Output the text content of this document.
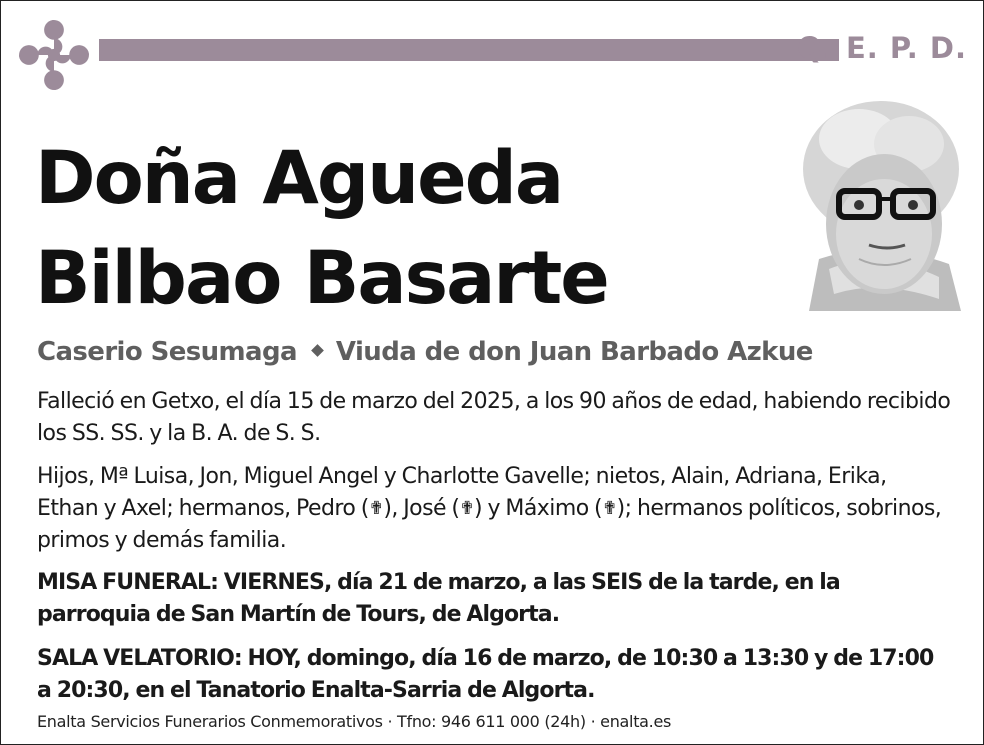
Q. E. P. D.
Doña Agueda
Bilbao Basarte
Caserio Sesumaga Viuda de don Juan Barbado Azkue
Falleció en Getxo, el día 15 de marzo del 2025, a los 90 años de edad, habiendo recibido los SS. SS. y la B. A. de S. S.
Hijos, Mª Luisa, Jon, Miguel Angel y Charlotte Gavelle; nietos, Alain, Adriana, Erika, Ethan y Axel; hermanos, Pedro (✟), José (✟) y Máximo (✟); hermanos políticos, sobrinos, primos y demás familia.
MISA FUNERAL: VIERNES, día 21 de marzo, a las SEIS de la tarde, en la parroquia de San Martín de Tours, de Algorta.
SALA VELATORIO: HOY, domingo, día 16 de marzo, de 10:30 a 13:30 y de 17:00 a 20:30, en el Tanatorio Enalta-Sarria de Algorta.
Enalta Servicios Funerarios Conmemorativos · Tfno: 946 611 000 (24h) · enalta.es
